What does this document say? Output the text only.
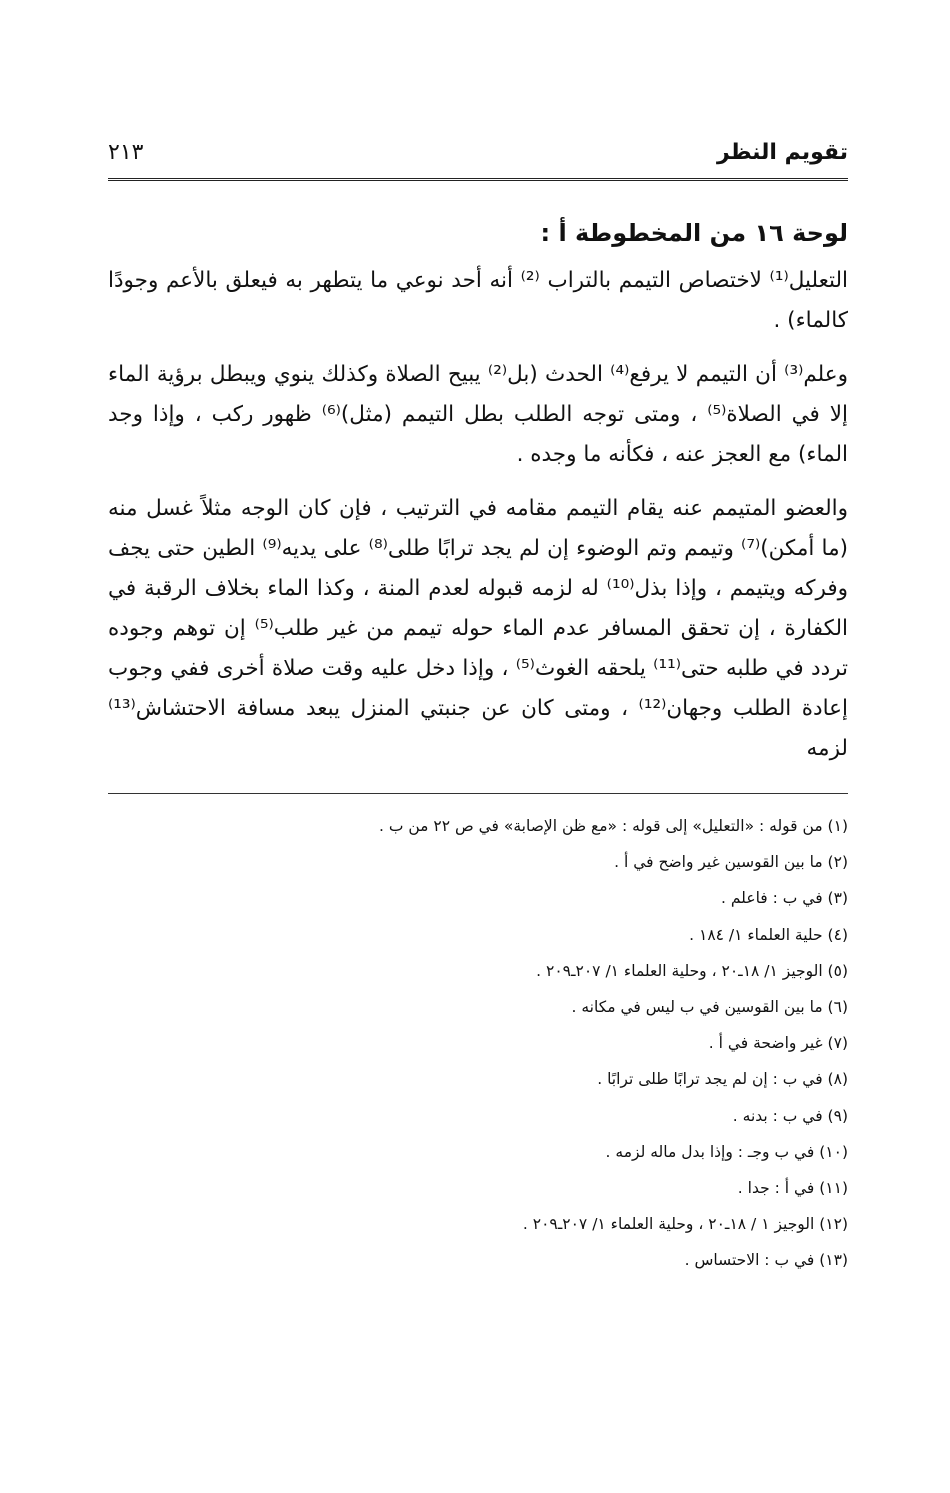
تقويم النظر
٢١٣
لوحة ١٦ من المخطوطة أ :

التعليل⁽¹⁾ لاختصاص التيمم بالتراب ⁽²⁾ أنه أحد نوعي ما يتطهر به فيعلق بالأعم وجودًا كالماء) .

وعلم⁽³⁾ أن التيمم لا يرفع⁽⁴⁾ الحدث (بل⁽²⁾ يبيح الصلاة وكذلك ينوي ويبطل برؤية الماء إلا في الصلاة⁽⁵⁾ ، ومتى توجه الطلب بطل التيمم (مثل)⁽⁶⁾ ظهور ركب ، وإذا وجد الماء) مع العجز عنه ، فكأنه ما وجده .

والعضو المتيمم عنه يقام التيمم مقامه في الترتيب ، فإن كان الوجه مثلاً غسل منه (ما أمكن)⁽⁷⁾ وتيمم وتم الوضوء إن لم يجد ترابًا طلى⁽⁸⁾ على يديه⁽⁹⁾ الطين حتى يجف وفركه ويتيمم ، وإذا بذل⁽¹⁰⁾ له لزمه قبوله لعدم المنة ، وكذا الماء بخلاف الرقبة في الكفارة ، إن تحقق المسافر عدم الماء حوله تيمم من غير طلب⁽⁵⁾ إن توهم وجوده تردد في طلبه حتى⁽¹¹⁾ يلحقه الغوث⁽⁵⁾ ، وإذا دخل عليه وقت صلاة أخرى ففي وجوب إعادة الطلب وجهان⁽¹²⁾ ، ومتى كان عن جنبتي المنزل يبعد مسافة الاحتشاش⁽¹³⁾ لزمه

(١) من قوله : «التعليل» إلى قوله : «مع ظن الإصابة» في ص ٢٢ من ب .
(٢) ما بين القوسين غير واضح في أ .
(٣) في ب : فاعلم .
(٤) حلية العلماء ١/ ١٨٤ .
(٥) الوجيز ١/ ١٨ـ٢٠ ، وحلية العلماء ١/ ٢٠٧ـ٢٠٩ .
(٦) ما بين القوسين في ب ليس في مكانه .
(٧) غير واضحة في أ .
(٨) في ب : إن لم يجد ترابًا طلى ترابًا .
(٩) في ب : بدنه .
(١٠) في ب وجـ : وإذا بدل ماله لزمه .
(١١) في أ : جدا .
(١٢) الوجيز ١ / ١٨ـ٢٠ ، وحلية العلماء ١/ ٢٠٧ـ٢٠٩ .
(١٣) في ب : الاحتساس .
